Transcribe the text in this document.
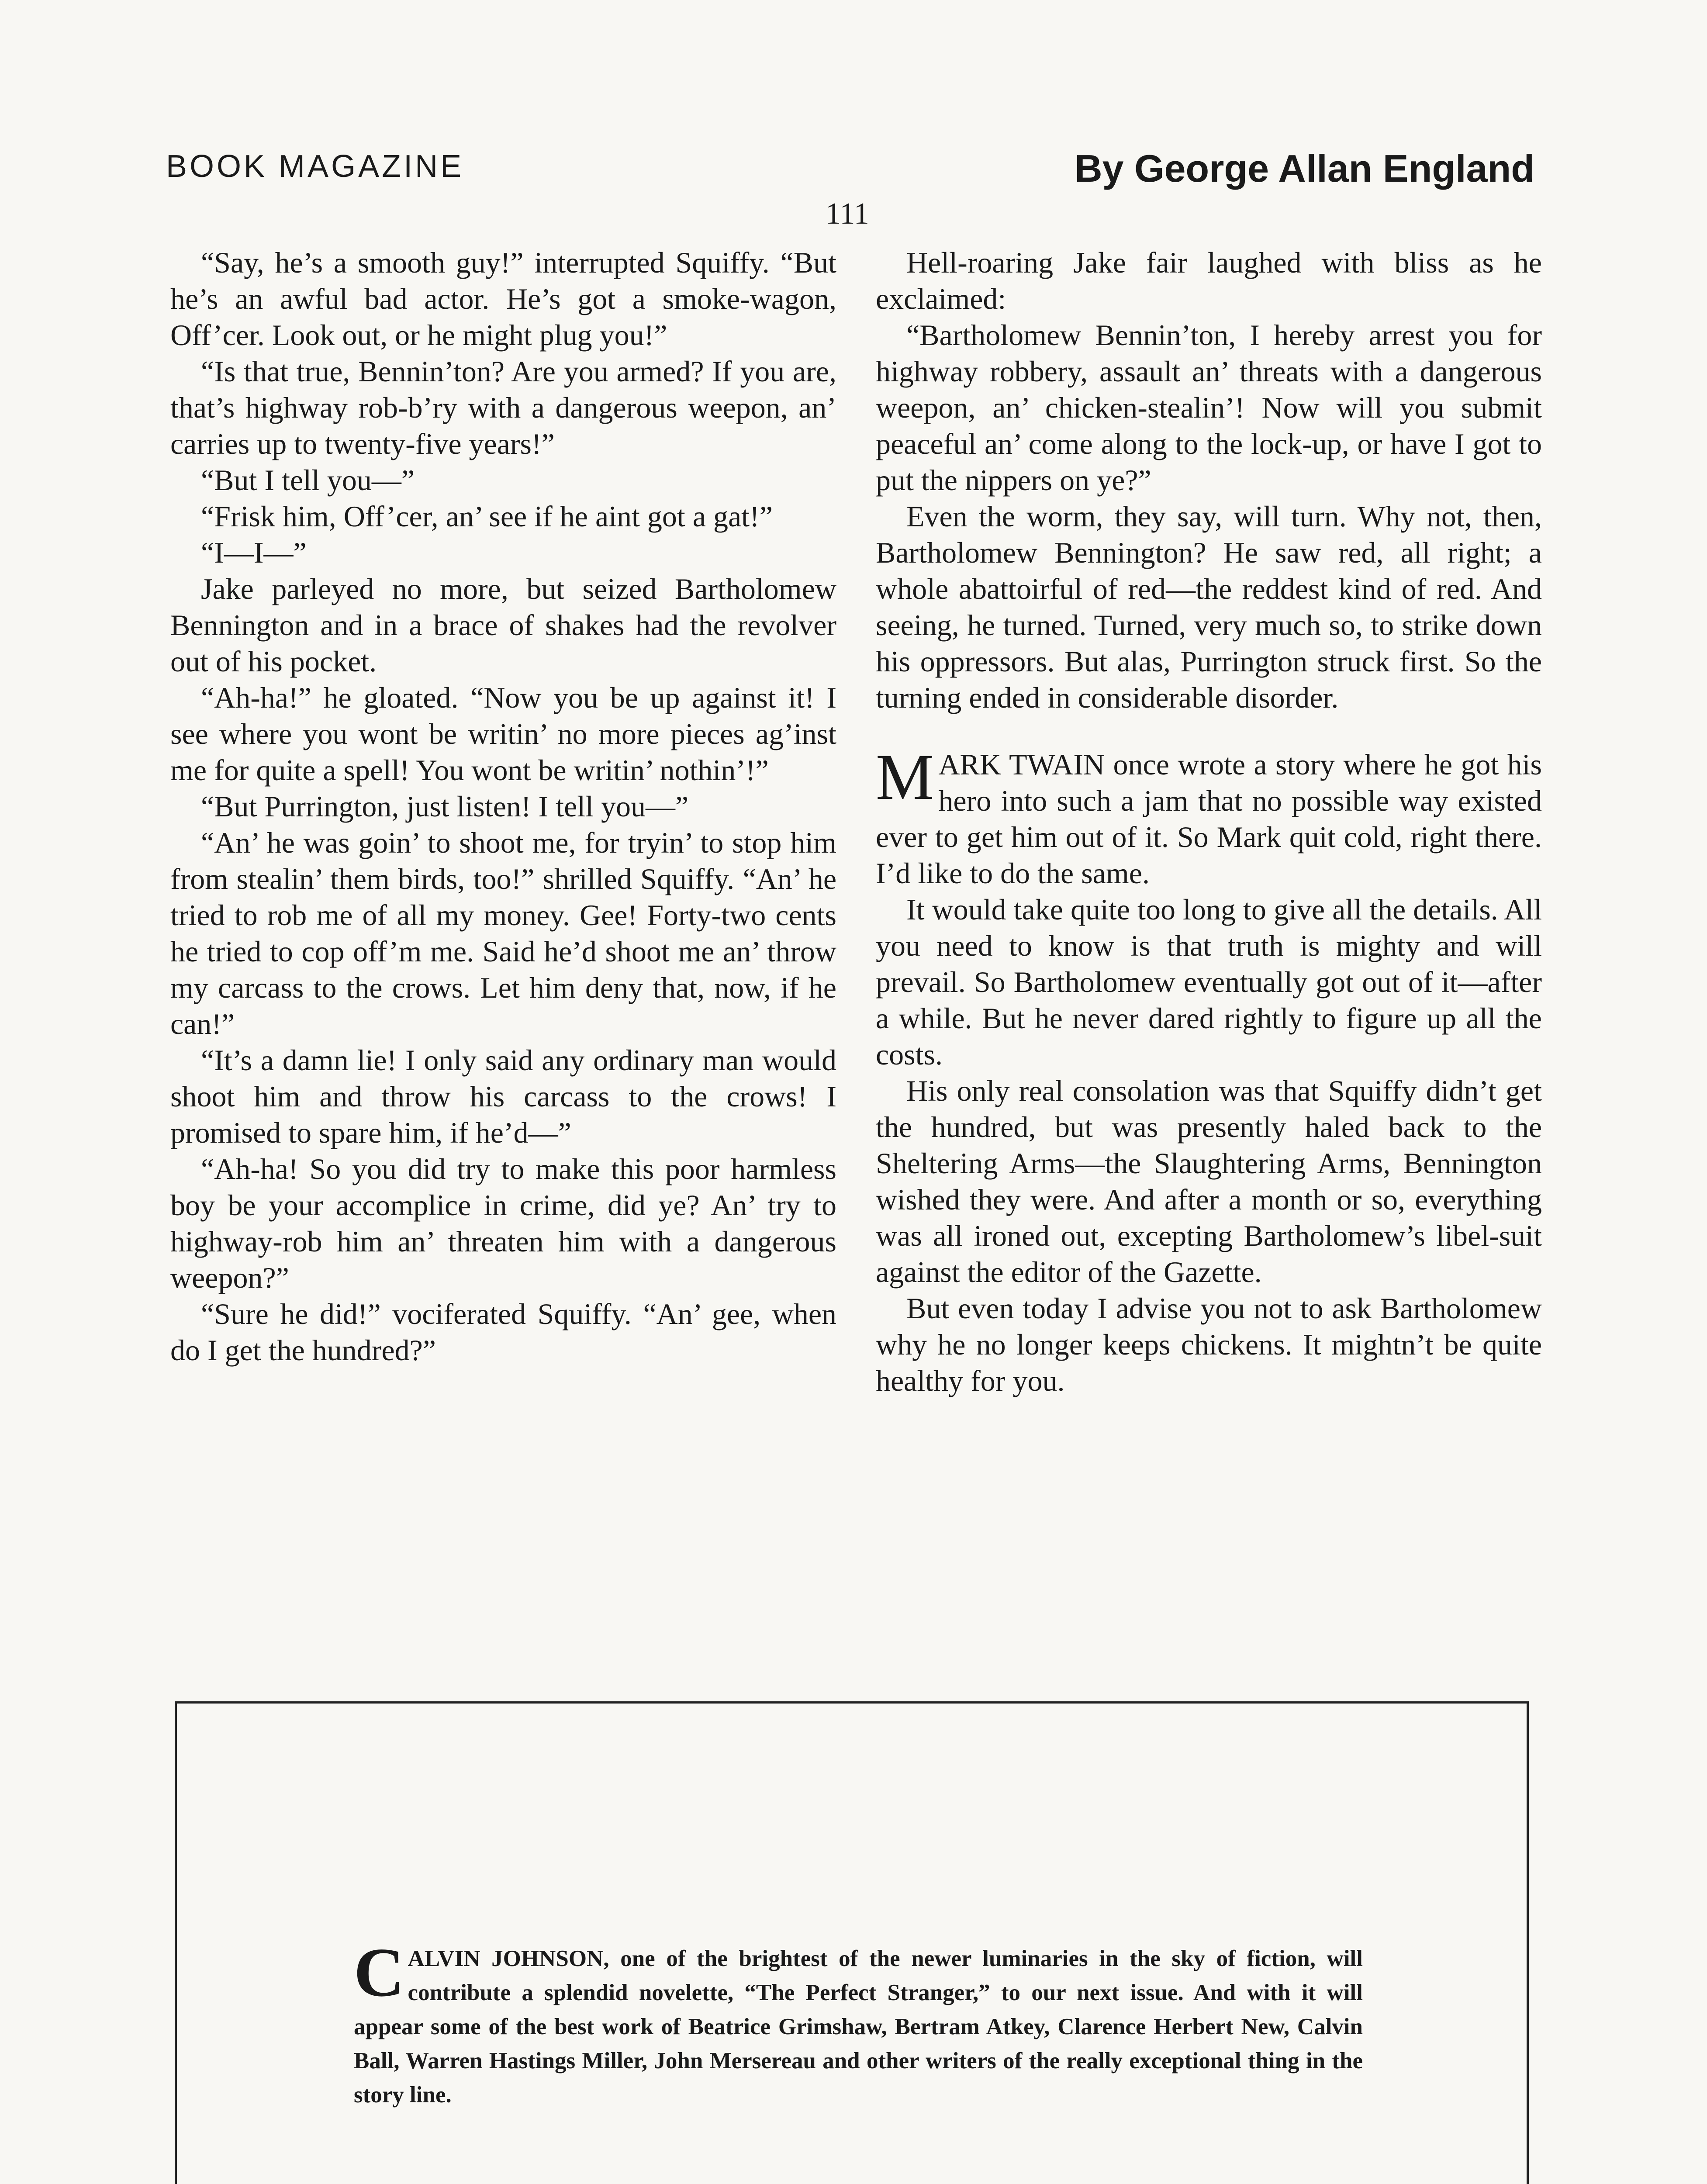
BOOK MAGAZINE	By George Allan England
111

“Say, he’s a smooth guy!” interrupted Squiffy. “But he’s an awful bad actor. He’s got a smoke-wagon, Off’cer. Look out, or he might plug you!”

“Is that true, Bennin’ton? Are you armed? If you are, that’s highway rob-b’ry with a dangerous weepon, an’ carries up to twenty-five years!”

“But I tell you—”

“Frisk him, Off’cer, an’ see if he aint got a gat!”

“I—I—”

Jake parleyed no more, but seized Bartholomew Bennington and in a brace of shakes had the revolver out of his pocket.

“Ah-ha!” he gloated. “Now you be up against it! I see where you wont be writin’ no more pieces ag’inst me for quite a spell! You wont be writin’ nothin’!”

“But Purrington, just listen! I tell you—”

“An’ he was goin’ to shoot me, for tryin’ to stop him from stealin’ them birds, too!” shrilled Squiffy. “An’ he tried to rob me of all my money. Gee! Forty-two cents he tried to cop off’m me. Said he’d shoot me an’ throw my carcass to the crows. Let him deny that, now, if he can!”

“It’s a damn lie! I only said any ordinary man would shoot him and throw his carcass to the crows! I promised to spare him, if he’d—”

“Ah-ha! So you did try to make this poor harmless boy be your accomplice in crime, did ye? An’ try to highway-rob him an’ threaten him with a dangerous weepon?”

“Sure he did!” vociferated Squiffy. “An’ gee, when do I get the hundred?”

Hell-roaring Jake fair laughed with bliss as he exclaimed:

“Bartholomew Bennin’ton, I hereby arrest you for highway robbery, assault an’ threats with a dangerous weepon, an’ chicken-stealin’! Now will you submit peaceful an’ come along to the lock-up, or have I got to put the nippers on ye?”

Even the worm, they say, will turn. Why not, then, Bartholomew Bennington? He saw red, all right; a whole abattoirful of red—the reddest kind of red. And seeing, he turned. Turned, very much so, to strike down his oppressors. But alas, Purrington struck first. So the turning ended in considerable disorder.

MARK TWAIN once wrote a story where he got his hero into such a jam that no possible way existed ever to get him out of it. So Mark quit cold, right there. I’d like to do the same.

It would take quite too long to give all the details. All you need to know is that truth is mighty and will prevail. So Bartholomew eventually got out of it—after a while. But he never dared rightly to figure up all the costs.

His only real consolation was that Squiffy didn’t get the hundred, but was presently haled back to the Sheltering Arms—the Slaughtering Arms, Bennington wished they were. And after a month or so, everything was all ironed out, excepting Bartholomew’s libel-suit against the editor of the Gazette.

But even today I advise you not to ask Bartholomew why he no longer keeps chickens. It mightn’t be quite healthy for you.

CALVIN JOHNSON, one of the brightest of the newer luminaries in the sky of fiction, will contribute a splendid novelette, “The Perfect Stranger,” to our next issue. And with it will appear some of the best work of Beatrice Grimshaw, Bertram Atkey, Clarence Herbert New, Calvin Ball, Warren Hastings Miller, John Mersereau and other writers of the really exceptional thing in the story line.
